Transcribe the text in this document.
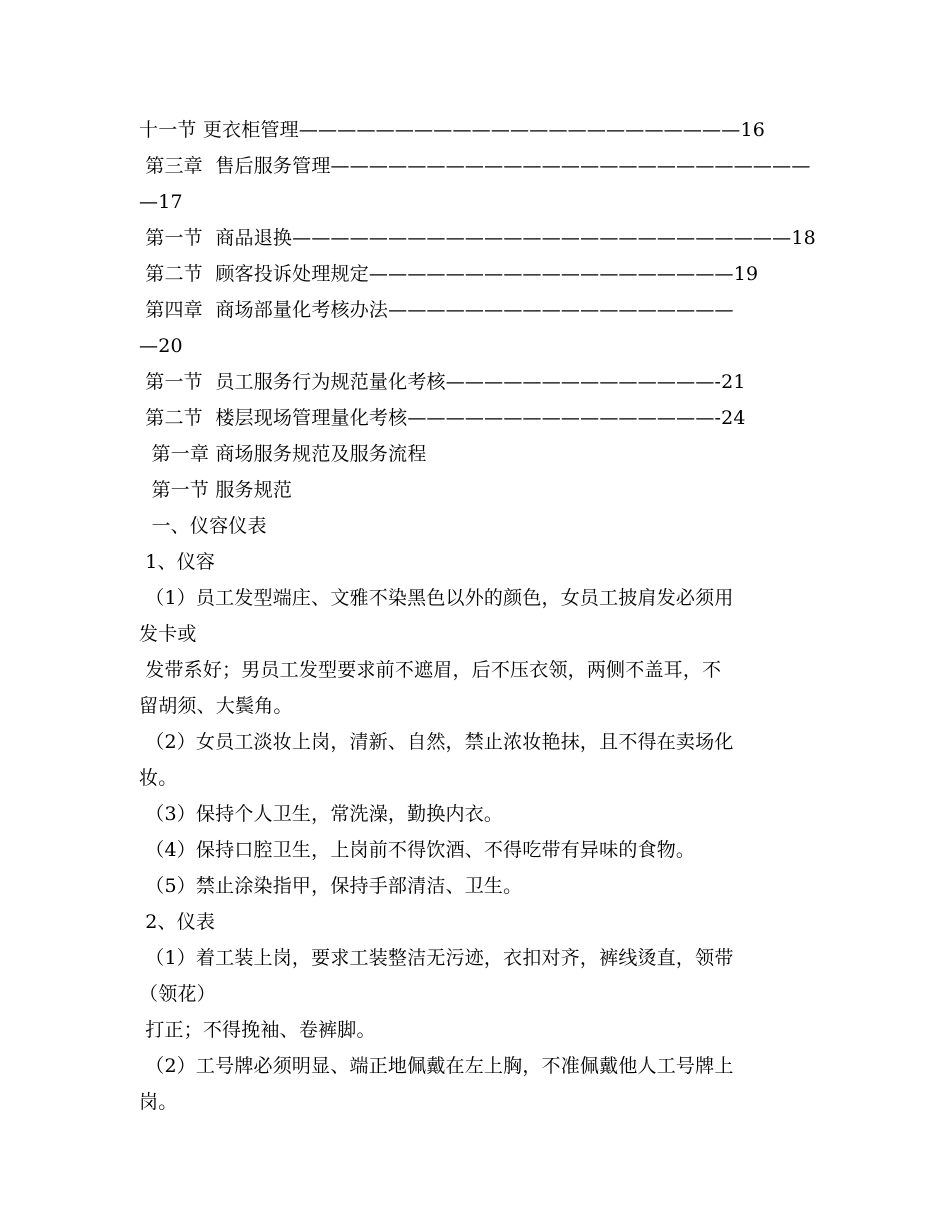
十一节 更衣柜管理———————————————————————16
第三章  售后服务管理—————————————————————————
—17
第一节  商品退换——————————————————————————18
第二节  顾客投诉处理规定———————————————————19
第四章  商场部量化考核办法——————————————————
—20
第一节  员工服务行为规范量化考核——————————————-21
第二节  楼层现场管理量化考核————————————————-24
第一章 商场服务规范及服务流程
第一节 服务规范
一、仪容仪表
1、仪容
（1）员工发型端庄、文雅不染黑色以外的颜色，女员工披肩发必须用
发卡或
发带系好；男员工发型要求前不遮眉，后不压衣领，两侧不盖耳，不
留胡须、大鬓角。
（2）女员工淡妆上岗，清新、自然，禁止浓妆艳抹，且不得在卖场化
妆。
（3）保持个人卫生，常洗澡，勤换内衣。
（4）保持口腔卫生，上岗前不得饮酒、不得吃带有异味的食物。
（5）禁止涂染指甲，保持手部清洁、卫生。
2、仪表
（1）着工装上岗，要求工装整洁无污迹，衣扣对齐，裤线烫直，领带
（领花）
打正；不得挽袖、卷裤脚。
（2）工号牌必须明显、端正地佩戴在左上胸，不准佩戴他人工号牌上
岗。
